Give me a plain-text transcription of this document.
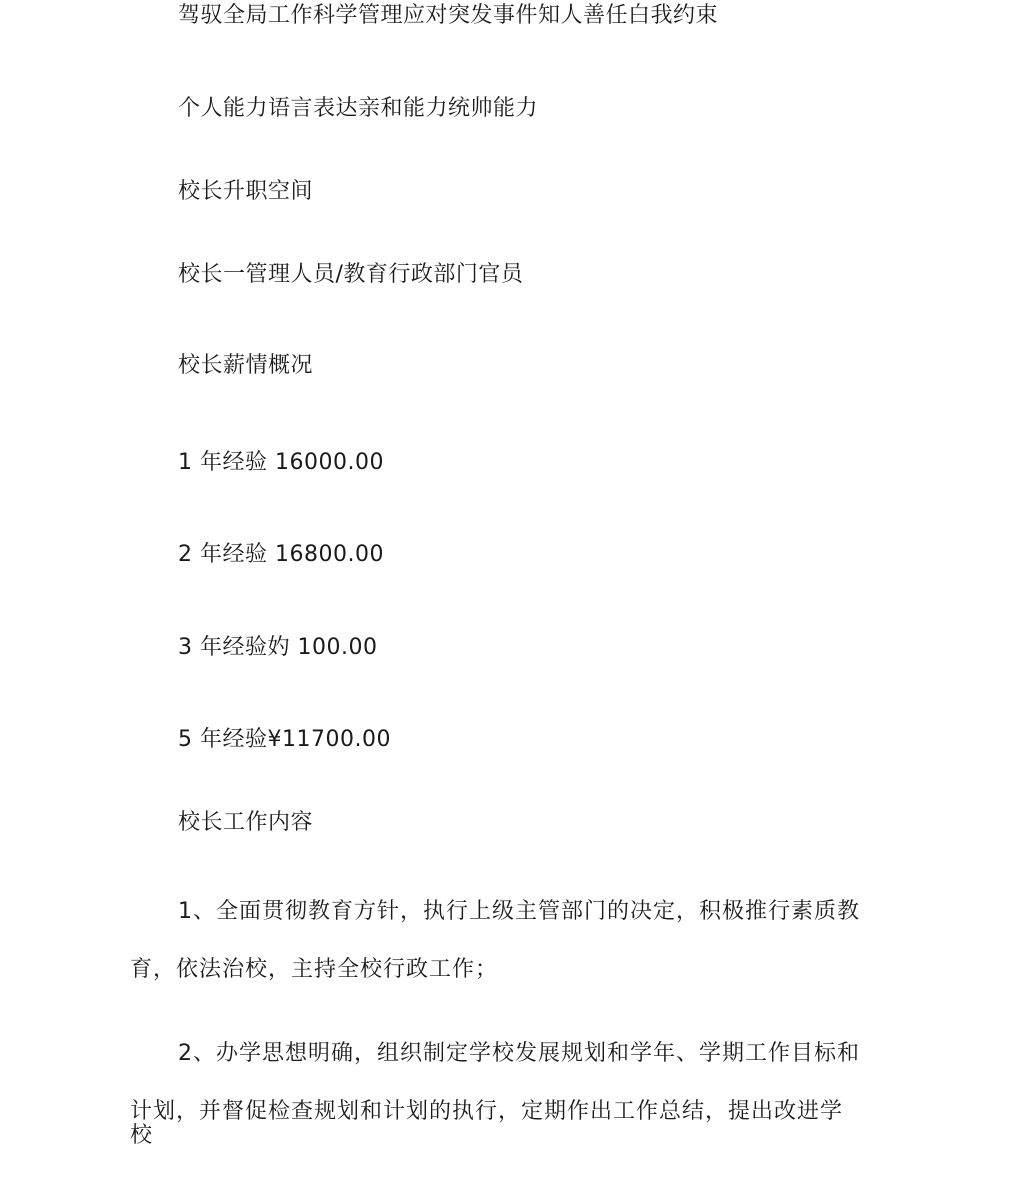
驾驭全局工作科学管理应对突发事件知人善任白我约束
个人能力语言表达亲和能力统帅能力
校长升职空间
校长一管理人员/教育行政部门官员
校长薪情概况
1 年经验 16000.00
2 年经验 16800.00
3 年经验妁 100.00
5 年经验¥11700.00
校长工作内容
1、全面贯彻教育方针，执行上级主管部门的决定，积极推行素质教
育，依法治校，主持全校行政工作；
2、办学思想明确，组织制定学校发展规划和学年、学期工作目标和
计划，并督促检查规划和计划的执行，定期作出工作总结，提出改进学
校
